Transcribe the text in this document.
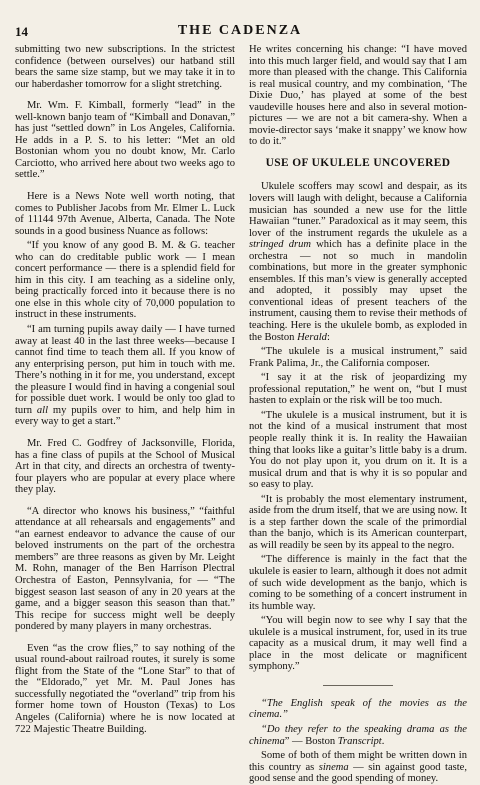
14	THE CADENZA

submitting two new subscriptions. In the strictest confidence (between ourselves) our hatband still bears the same size stamp, but we may take it in to our haberdasher tomorrow for a slight stretching.

Mr. Wm. F. Kimball, formerly “lead” in the well-known banjo team of “Kimball and Donavan,” has just “settled down” in Los Angeles, California. He adds in a P. S. to his letter: “Met an old Bostonian whom you no doubt know, Mr. Carlo Carciotto, who arrived here about two weeks ago to settle.”

Here is a News Note well worth noting, that comes to Publisher Jacobs from Mr. Elmer L. Luck of 11144 97th Avenue, Alberta, Canada. The Note sounds in a good business Nuance as follows:

“If you know of any good B. M. & G. teacher who can do creditable public work — I mean concert performance — there is a splendid field for him in this city. I am teaching as a sideline only, being practically forced into it because there is no one else in this whole city of 70,000 population to instruct in these instruments.

“I am turning pupils away daily — I have turned away at least 40 in the last three weeks—because I cannot find time to teach them all. If you know of any enterprising person, put him in touch with me. There’s nothing in it for me, you understand, except the pleasure I would find in having a congenial soul for possible duet work. I would be only too glad to turn all my pupils over to him, and help him in every way to get a start.”

Mr. Fred C. Godfrey of Jacksonville, Florida, has a fine class of pupils at the School of Musical Art in that city, and directs an orchestra of twenty-four players who are popular at every place where they play.

“A director who knows his business,” “faithful attendance at all rehearsals and engagements” and “an earnest endeavor to advance the cause of our beloved instruments on the part of the orchestra members” are three reasons as given by Mr. Leight M. Rohn, manager of the Ben Harrison Plectral Orchestra of Easton, Pennsylvania, for — “The biggest season last season of any in 20 years at the game, and a bigger season this season than that.” This recipe for success might well be deeply pondered by many players in many orchestras.

Even “as the crow flies,” to say nothing of the usual round-about railroad routes, it surely is some flight from the State of the “Lone Star” to that of the “Eldorado,” yet Mr. M. Paul Jones has successfully negotiated the “overland” trip from his former home town of Houston (Texas) to Los Angeles (California) where he is now located at 722 Majestic Theatre Building.

He writes concerning his change: “I have moved into this much larger field, and would say that I am more than pleased with the change. This California is real musical country, and my combination, ‘The Dixie Duo,’ has played at some of the best vaudeville houses here and also in several motion-pictures — we are not a bit camera-shy. When a movie-director says ‘make it snappy’ we know how to do it.”

USE OF UKULELE UNCOVERED

Ukulele scoffers may scowl and despair, as its lovers will laugh with delight, because a California musician has sounded a new use for the little Hawaiian “tuner.” Paradoxical as it may seem, this lover of the instrument regards the ukulele as a stringed drum which has a definite place in the orchestra — not so much in mandolin combinations, but more in the greater symphonic ensembles. If this man’s view is generally accepted and adopted, it possibly may upset the conventional ideas of present teachers of the instrument, causing them to revise their methods of teaching. Here is the ukulele bomb, as exploded in the Boston Herald:

“The ukulele is a musical instrument,” said Frank Palima, Jr., the California composer.

“I say it at the risk of jeopardizing my professional reputation,” he went on, “but I must hasten to explain or the risk will be too much.

“The ukulele is a musical instrument, but it is not the kind of a musical instrument that most people really think it is. In reality the Hawaiian thing that looks like a guitar’s little baby is a drum. You do not play upon it, you drum on it. It is a musical drum and that is why it is so popular and so easy to play.

“It is probably the most elementary instrument, aside from the drum itself, that we are using now. It is a step farther down the scale of the primordial than the banjo, which is its American counterpart, as will readily be seen by its appeal to the negro.

“The difference is mainly in the fact that the ukulele is easier to learn, although it does not admit of such wide development as the banjo, which is coming to be something of a concert instrument in its humble way.

“You will begin now to see why I say that the ukulele is a musical instrument, for, used in its true capacity as a musical drum, it may well find a place in the most delicate or magnificent symphony.”

“The English speak of the movies as the cinema.”

“Do they refer to the speaking drama as the chinema” — Boston Transcript.

Some of both of them might be written down in this country as sinema — sin against good taste, good sense and the good spending of money.
